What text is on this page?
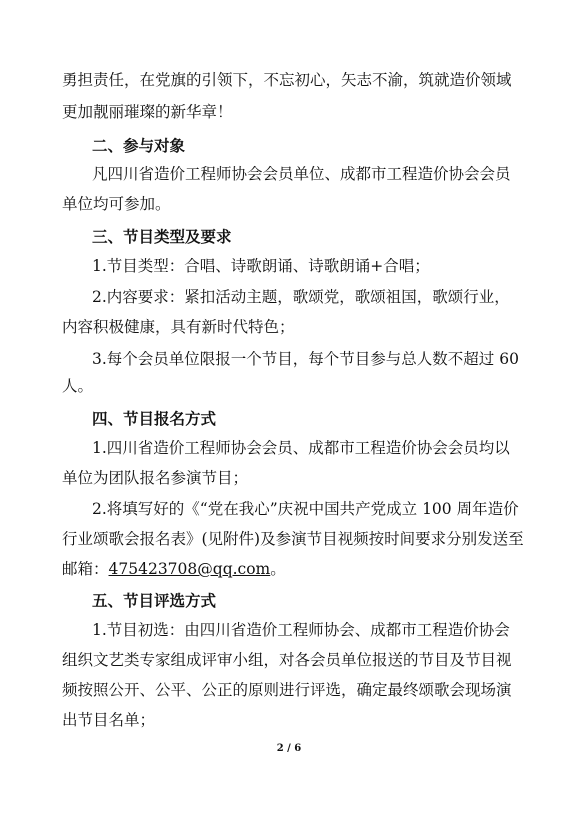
勇担责任，在党旗的引领下，不忘初心，矢志不渝，筑就造价领域
更加靓丽璀璨的新华章！
二、参与对象
凡四川省造价工程师协会会员单位、成都市工程造价协会会员
单位均可参加。
三、节目类型及要求
1.节目类型：合唱、诗歌朗诵、诗歌朗诵+合唱；
2.内容要求：紧扣活动主题，歌颂党，歌颂祖国，歌颂行业，
内容积极健康，具有新时代特色；
3.每个会员单位限报一个节目，每个节目参与总人数不超过 60
人。
四、节目报名方式
1.四川省造价工程师协会会员、成都市工程造价协会会员均以
单位为团队报名参演节目；
2.将填写好的《“党在我心”庆祝中国共产党成立 100 周年造价
行业颂歌会报名表》(见附件)及参演节目视频按时间要求分别发送至
邮箱：475423708@qq.com。
五、节目评选方式
1.节目初选：由四川省造价工程师协会、成都市工程造价协会
组织文艺类专家组成评审小组，对各会员单位报送的节目及节目视
频按照公开、公平、公正的原则进行评选，确定最终颂歌会现场演
出节目名单；
2 / 6
